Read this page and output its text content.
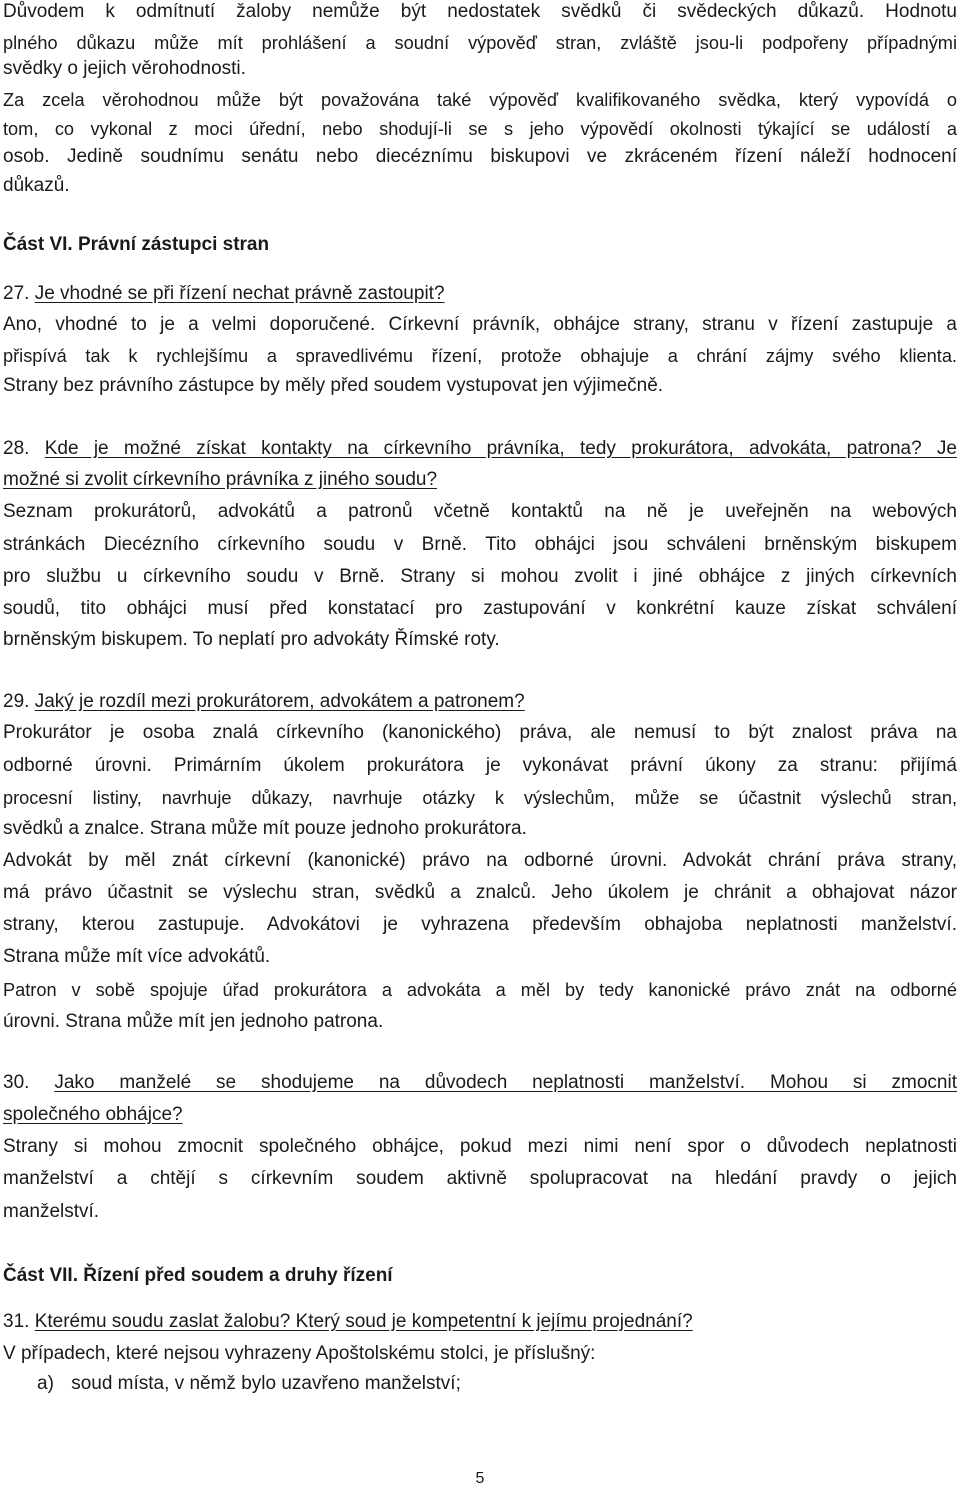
Důvodem k odmítnutí žaloby nemůže být nedostatek svědků či svědeckých důkazů. Hodnotu
plného důkazu může mít prohlášení a soudní výpověď stran, zvláště jsou-li podpořeny případnými
svědky o jejich věrohodnosti.
Za zcela věrohodnou může být považována také výpověď kvalifikovaného svědka, který vypovídá o
tom, co vykonal z moci úřední, nebo shodují-li se s jeho výpovědí okolnosti týkající se událostí a
osob. Jedině soudnímu senátu nebo diecéznímu biskupovi ve zkráceném řízení náleží hodnocení
důkazů.
Část VI. Právní zástupci stran
27. Je vhodné se při řízení nechat právně zastoupit?
Ano, vhodné to je a velmi doporučené. Církevní právník, obhájce strany, stranu v řízení zastupuje a
přispívá tak k rychlejšímu a spravedlivému řízení, protože obhajuje a chrání zájmy svého klienta.
Strany bez právního zástupce by měly před soudem vystupovat jen výjimečně.
28. Kde je možné získat kontakty na církevního právníka, tedy prokurátora, advokáta, patrona? Je
možné si zvolit církevního právníka z jiného soudu?
Seznam prokurátorů, advokátů a patronů včetně kontaktů na ně je uveřejněn na webových
stránkách Diecézního církevního soudu v Brně. Tito obhájci jsou schváleni brněnským biskupem
pro službu u církevního soudu v Brně. Strany si mohou zvolit i jiné obhájce z jiných církevních
soudů, tito obhájci musí před konstatací pro zastupování v konkrétní kauze získat schválení
brněnským biskupem. To neplatí pro advokáty Římské roty.
29. Jaký je rozdíl mezi prokurátorem, advokátem a patronem?
Prokurátor je osoba znalá církevního (kanonického) práva, ale nemusí to být znalost práva na
odborné úrovni. Primárním úkolem prokurátora je vykonávat právní úkony za stranu: přijímá
procesní listiny, navrhuje důkazy, navrhuje otázky k výslechům, může se účastnit výslechů stran,
svědků a znalce. Strana může mít pouze jednoho prokurátora.
Advokát by měl znát církevní (kanonické) právo na odborné úrovni. Advokát chrání práva strany,
má právo účastnit se výslechu stran, svědků a znalců. Jeho úkolem je chránit a obhajovat názor
strany, kterou zastupuje. Advokátovi je vyhrazena především obhajoba neplatnosti manželství.
Strana může mít více advokátů.
Patron v sobě spojuje úřad prokurátora a advokáta a měl by tedy kanonické právo znát na odborné
úrovni. Strana může mít jen jednoho patrona.
30. Jako manželé se shodujeme na důvodech neplatnosti manželství. Mohou si zmocnit
společného obhájce?
Strany si mohou zmocnit společného obhájce, pokud mezi nimi není spor o důvodech neplatnosti
manželství a chtějí s církevním soudem aktivně spolupracovat na hledání pravdy o jejich
manželství.
Část VII. Řízení před soudem a druhy řízení
31. Kterému soudu zaslat žalobu? Který soud je kompetentní k jejímu projednání?
V případech, které nejsou vyhrazeny Apoštolskému stolci, je příslušný:
a) soud místa, v němž bylo uzavřeno manželství;
5
